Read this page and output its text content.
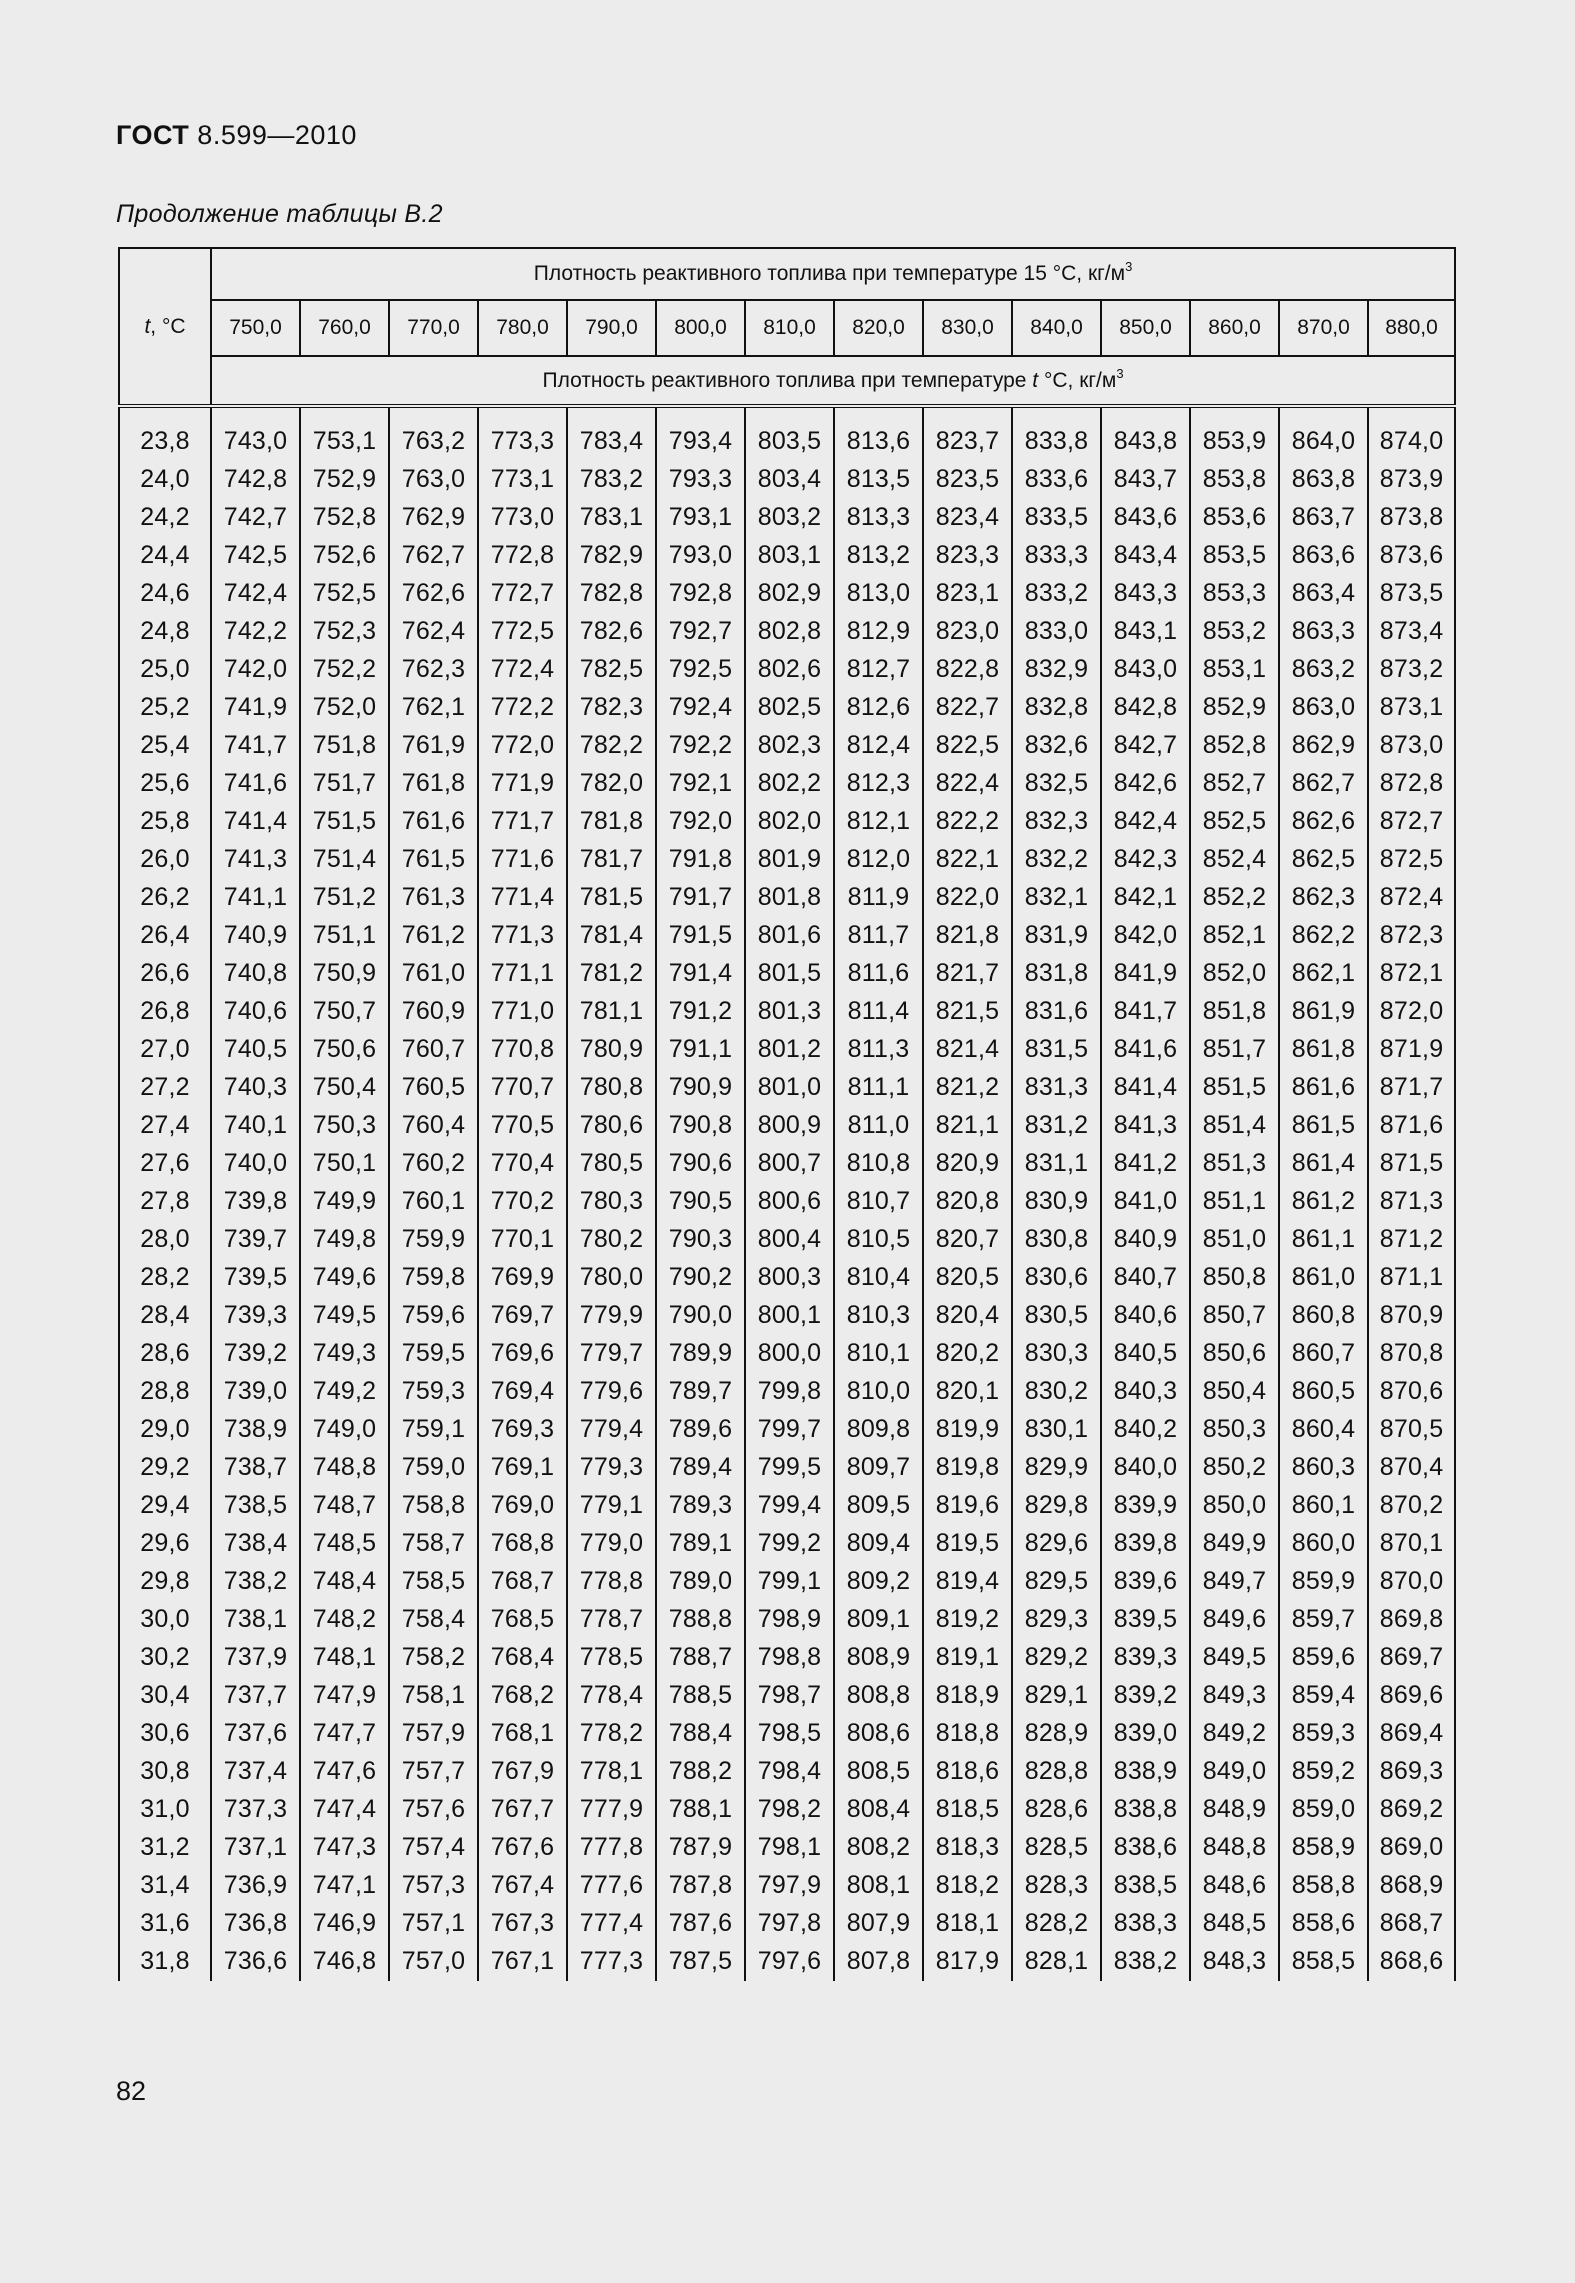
ГОСТ 8.599—2010
Продолжение таблицы В.2
t, °C	Плотность реактивного топлива при температуре 15 °C, $кг/м^3$
	750,0	760,0	770,0	780,0	790,0	800,0	810,0	820,0	830,0	840,0	850,0	860,0	870,0	880,0
	Плотность реактивного топлива при температуре t °C, $кг/м^3$

23,8	743,0	753,1	763,2	773,3	783,4	793,4	803,5	813,6	823,7	833,8	843,8	853,9	864,0	874,0
24,0	742,8	752,9	763,0	773,1	783,2	793,3	803,4	813,5	823,5	833,6	843,7	853,8	863,8	873,9
24,2	742,7	752,8	762,9	773,0	783,1	793,1	803,2	813,3	823,4	833,5	843,6	853,6	863,7	873,8
24,4	742,5	752,6	762,7	772,8	782,9	793,0	803,1	813,2	823,3	833,3	843,4	853,5	863,6	873,6
24,6	742,4	752,5	762,6	772,7	782,8	792,8	802,9	813,0	823,1	833,2	843,3	853,3	863,4	873,5
24,8	742,2	752,3	762,4	772,5	782,6	792,7	802,8	812,9	823,0	833,0	843,1	853,2	863,3	873,4
25,0	742,0	752,2	762,3	772,4	782,5	792,5	802,6	812,7	822,8	832,9	843,0	853,1	863,2	873,2
25,2	741,9	752,0	762,1	772,2	782,3	792,4	802,5	812,6	822,7	832,8	842,8	852,9	863,0	873,1
25,4	741,7	751,8	761,9	772,0	782,2	792,2	802,3	812,4	822,5	832,6	842,7	852,8	862,9	873,0
25,6	741,6	751,7	761,8	771,9	782,0	792,1	802,2	812,3	822,4	832,5	842,6	852,7	862,7	872,8
25,8	741,4	751,5	761,6	771,7	781,8	792,0	802,0	812,1	822,2	832,3	842,4	852,5	862,6	872,7
26,0	741,3	751,4	761,5	771,6	781,7	791,8	801,9	812,0	822,1	832,2	842,3	852,4	862,5	872,5
26,2	741,1	751,2	761,3	771,4	781,5	791,7	801,8	811,9	822,0	832,1	842,1	852,2	862,3	872,4
26,4	740,9	751,1	761,2	771,3	781,4	791,5	801,6	811,7	821,8	831,9	842,0	852,1	862,2	872,3
26,6	740,8	750,9	761,0	771,1	781,2	791,4	801,5	811,6	821,7	831,8	841,9	852,0	862,1	872,1
26,8	740,6	750,7	760,9	771,0	781,1	791,2	801,3	811,4	821,5	831,6	841,7	851,8	861,9	872,0
27,0	740,5	750,6	760,7	770,8	780,9	791,1	801,2	811,3	821,4	831,5	841,6	851,7	861,8	871,9
27,2	740,3	750,4	760,5	770,7	780,8	790,9	801,0	811,1	821,2	831,3	841,4	851,5	861,6	871,7
27,4	740,1	750,3	760,4	770,5	780,6	790,8	800,9	811,0	821,1	831,2	841,3	851,4	861,5	871,6
27,6	740,0	750,1	760,2	770,4	780,5	790,6	800,7	810,8	820,9	831,1	841,2	851,3	861,4	871,5
27,8	739,8	749,9	760,1	770,2	780,3	790,5	800,6	810,7	820,8	830,9	841,0	851,1	861,2	871,3
28,0	739,7	749,8	759,9	770,1	780,2	790,3	800,4	810,5	820,7	830,8	840,9	851,0	861,1	871,2
28,2	739,5	749,6	759,8	769,9	780,0	790,2	800,3	810,4	820,5	830,6	840,7	850,8	861,0	871,1
28,4	739,3	749,5	759,6	769,7	779,9	790,0	800,1	810,3	820,4	830,5	840,6	850,7	860,8	870,9
28,6	739,2	749,3	759,5	769,6	779,7	789,9	800,0	810,1	820,2	830,3	840,5	850,6	860,7	870,8
28,8	739,0	749,2	759,3	769,4	779,6	789,7	799,8	810,0	820,1	830,2	840,3	850,4	860,5	870,6
29,0	738,9	749,0	759,1	769,3	779,4	789,6	799,7	809,8	819,9	830,1	840,2	850,3	860,4	870,5
29,2	738,7	748,8	759,0	769,1	779,3	789,4	799,5	809,7	819,8	829,9	840,0	850,2	860,3	870,4
29,4	738,5	748,7	758,8	769,0	779,1	789,3	799,4	809,5	819,6	829,8	839,9	850,0	860,1	870,2
29,6	738,4	748,5	758,7	768,8	779,0	789,1	799,2	809,4	819,5	829,6	839,8	849,9	860,0	870,1
29,8	738,2	748,4	758,5	768,7	778,8	789,0	799,1	809,2	819,4	829,5	839,6	849,7	859,9	870,0
30,0	738,1	748,2	758,4	768,5	778,7	788,8	798,9	809,1	819,2	829,3	839,5	849,6	859,7	869,8
30,2	737,9	748,1	758,2	768,4	778,5	788,7	798,8	808,9	819,1	829,2	839,3	849,5	859,6	869,7
30,4	737,7	747,9	758,1	768,2	778,4	788,5	798,7	808,8	818,9	829,1	839,2	849,3	859,4	869,6
30,6	737,6	747,7	757,9	768,1	778,2	788,4	798,5	808,6	818,8	828,9	839,0	849,2	859,3	869,4
30,8	737,4	747,6	757,7	767,9	778,1	788,2	798,4	808,5	818,6	828,8	838,9	849,0	859,2	869,3
31,0	737,3	747,4	757,6	767,7	777,9	788,1	798,2	808,4	818,5	828,6	838,8	848,9	859,0	869,2
31,2	737,1	747,3	757,4	767,6	777,8	787,9	798,1	808,2	818,3	828,5	838,6	848,8	858,9	869,0
31,4	736,9	747,1	757,3	767,4	777,6	787,8	797,9	808,1	818,2	828,3	838,5	848,6	858,8	868,9
31,6	736,8	746,9	757,1	767,3	777,4	787,6	797,8	807,9	818,1	828,2	838,3	848,5	858,6	868,7
31,8	736,6	746,8	757,0	767,1	777,3	787,5	797,6	807,8	817,9	828,1	838,2	848,3	858,5	868,6
82
